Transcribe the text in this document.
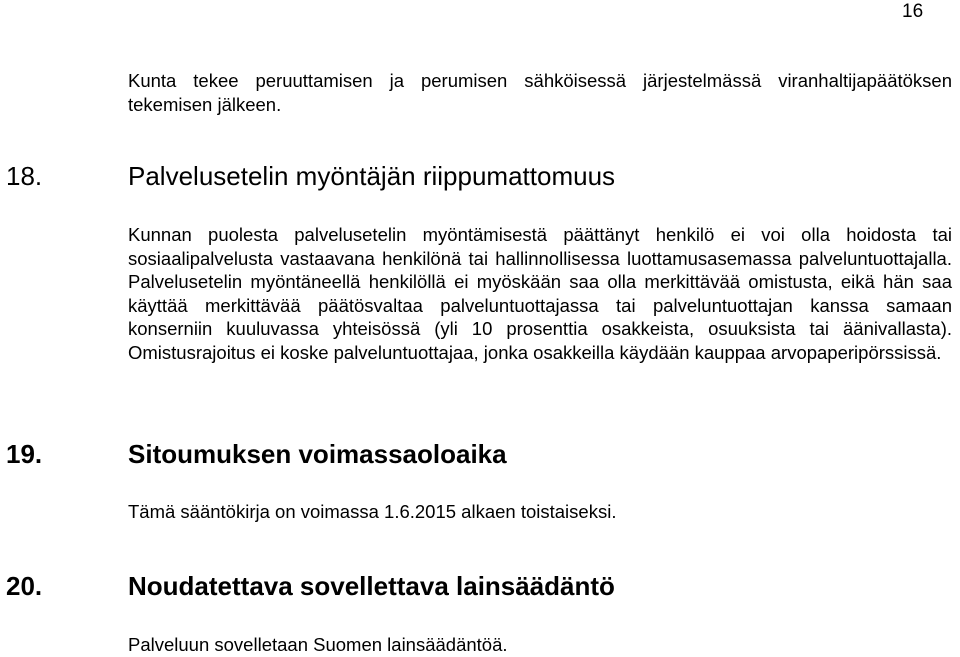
16

Kunta tekee peruuttamisen ja perumisen sähköisessä järjestelmässä viranhaltijapäätöksen tekemisen jälkeen.

18.	Palvelusetelin myöntäjän riippumattomuus

Kunnan puolesta palvelusetelin myöntämisestä päättänyt henkilö ei voi olla hoidosta tai sosiaalipalvelusta vastaavana henkilönä tai hallinnollisessa luottamusasemassa palveluntuottajalla. Palvelusetelin myöntäneellä henkilöllä ei myöskään saa olla merkittävää omistusta, eikä hän saa käyttää merkittävää päätösvaltaa palveluntuottajassa tai palveluntuottajan kanssa samaan konserniin kuuluvassa yhteisössä (yli 10 prosenttia osakkeista, osuuksista tai äänivallasta). Omistusrajoitus ei koske palveluntuottajaa, jonka osakkeilla käydään kauppaa arvopaperipörssissä.

19.	Sitoumuksen voimassaoloaika

Tämä sääntökirja on voimassa 1.6.2015 alkaen toistaiseksi.

20.	Noudatettava sovellettava lainsäädäntö

Palveluun sovelletaan Suomen lainsäädäntöä.
